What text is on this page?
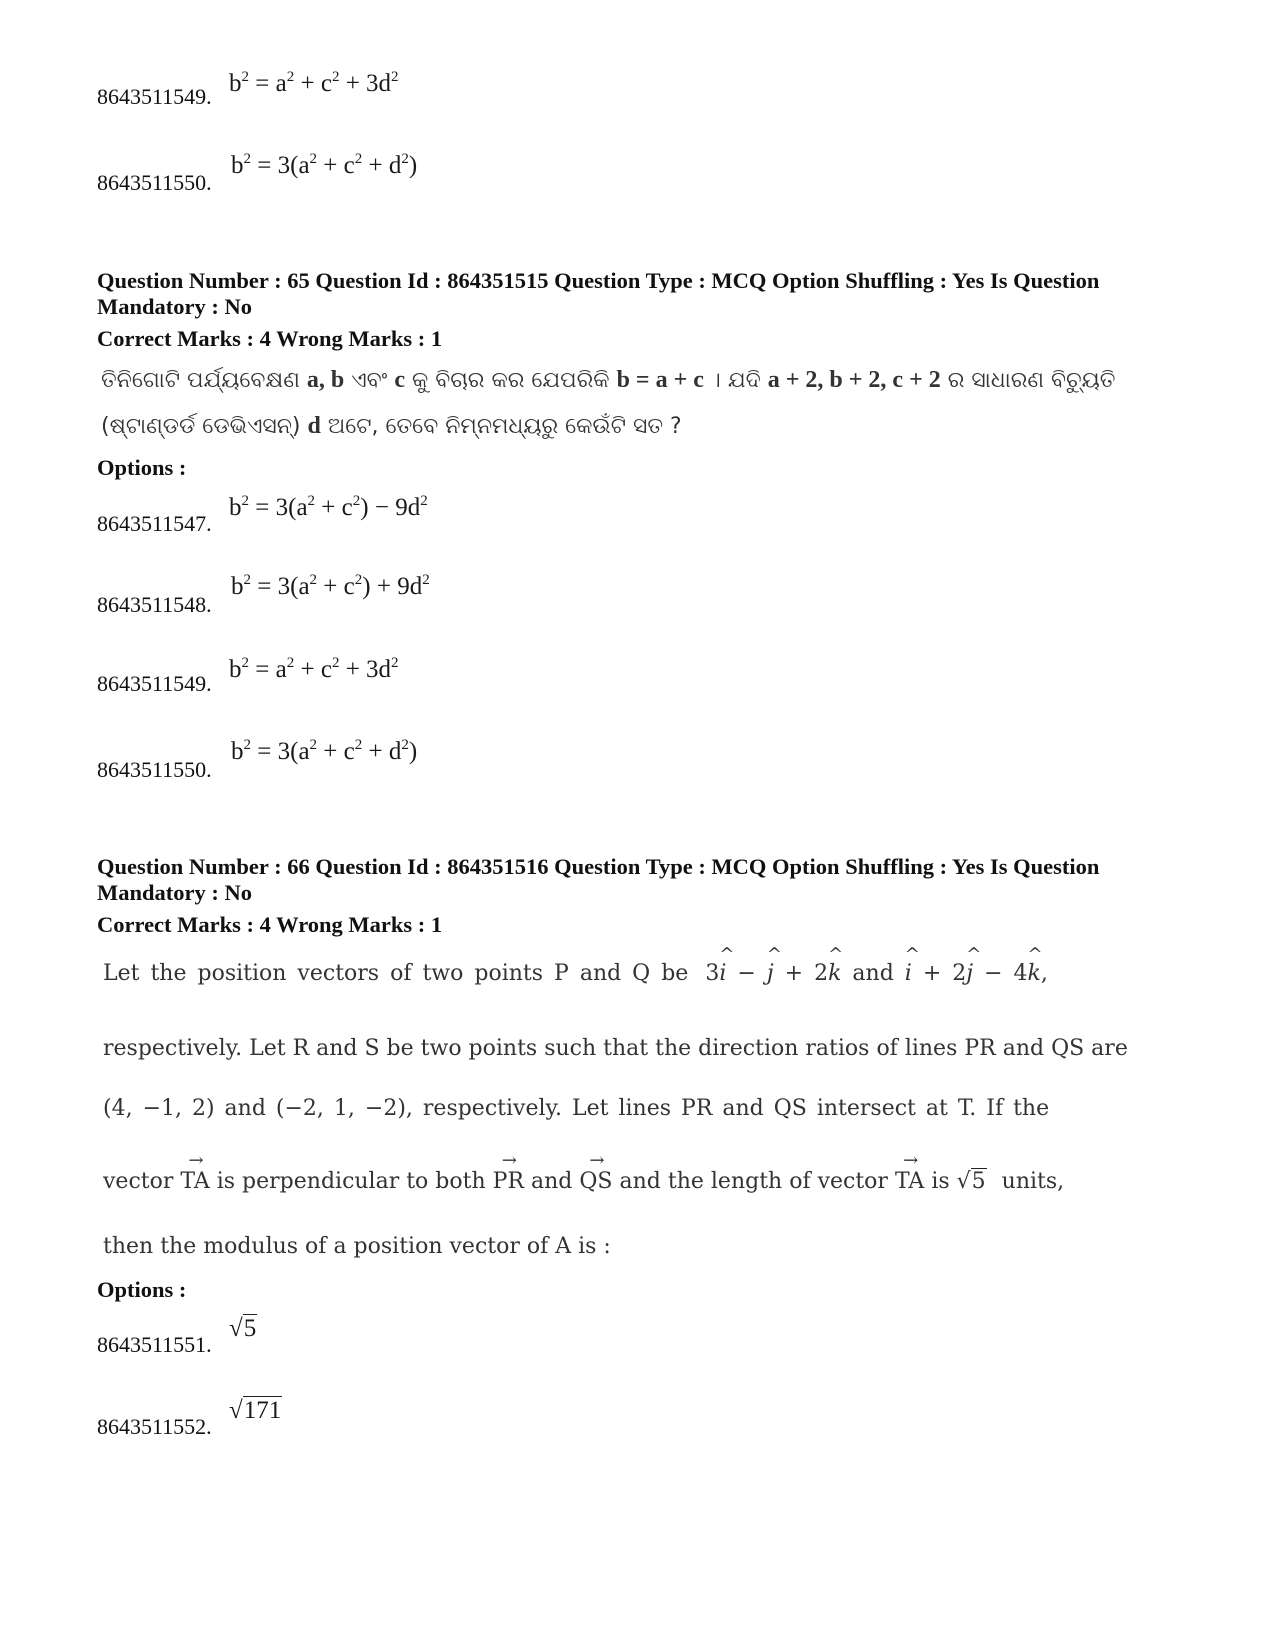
8643511549. $b^2 = a^2 + c^2 + 3d^2$
8643511550.
$b^2 = 3(a^2 + c^2 + d^2)$
Question Number : 65 Question Id : 864351515 Question Type : MCQ Option Shuffling : Yes Is Question
Mandatory : No
Correct Marks : 4 Wrong Marks : 1
ତିନିଗୋଟି ପର୍ଯ୍ୟବେକ୍ଷଣ a, b ଏବଂ c କୁ ବିଚାର କର ଯେପରିକି b = a + c । ଯଦି a + 2, b + 2, c + 2 ର ସାଧାରଣ ବିଚ୍ୟୁତି
(ଷ୍ଟାଣ୍ଡର୍ଡ ଡେଭିଏସନ୍) d ଅଟେ, ତେବେ ନିମ୍ନମଧ୍ୟରୁ କେଉଁଟି ସତ ?
Options :
8643511547.
$b^2 = 3(a^2 + c^2) - 9d^2$
8643511548.
$b^2 = 3(a^2 + c^2) + 9d^2$
8643511549.
$b^2 = a^2 + c^2 + 3d^2$
8643511550.
$b^2 = 3(a^2 + c^2 + d^2)$
Question Number : 66 Question Id : 864351516 Question Type : MCQ Option Shuffling : Yes Is Question
Mandatory : No
Correct Marks : 4 Wrong Marks : 1
Let the position vectors of two points P and Q be 3^ i − ^ j + 2^ k and ^ i + 2^ j − 4^ k,
respectively. Let R and S be two points such that the direction ratios of lines PR and QS are
(4, −1, 2) and (−2, 1, −2), respectively. Let lines PR and QS intersect at T. If the
vector → TA is perpendicular to both → PR and → QS and the length of vector → TA is √5 units,
then the modulus of a position vector of A is :
Options :
8643511551.
√5
8643511552.
√171
